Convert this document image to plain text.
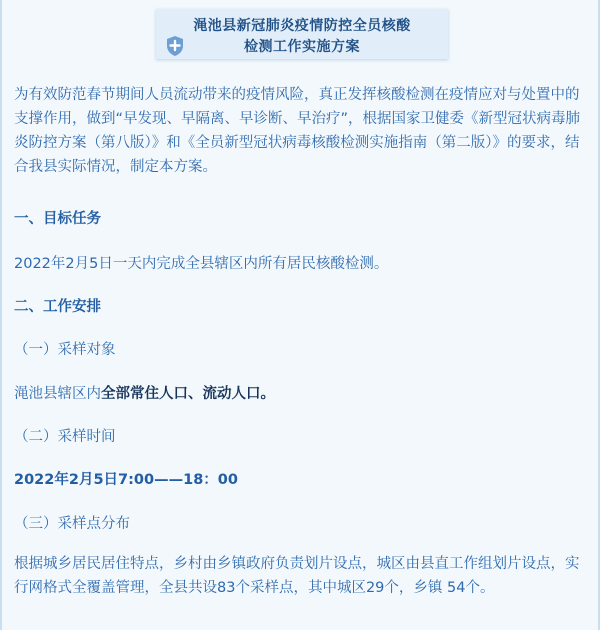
渑池县新冠肺炎疫情防控全员核酸
检测工作实施方案
为有效防范春节期间人员流动带来的疫情风险，真正发挥核酸检测在疫情应对与处置中的支撑作用，做到“早发现、早隔离、早诊断、早治疗”，根据国家卫健委《新型冠状病毒肺炎防控方案（第八版）》和《全员新型冠状病毒核酸检测实施指南（第二版）》的要求，结合我县实际情况，制定本方案。
一、目标任务
2022年2月5日一天内完成全县辖区内所有居民核酸检测。
二、工作安排
（一）采样对象
渑池县辖区内全部常住人口、流动人口。
（二）采样时间
2022年2月5日7:00——18：00
（三）采样点分布
根据城乡居民居住特点，乡村由乡镇政府负责划片设点，城区由县直工作组划片设点，实行网格式全覆盖管理，全县共设83个采样点，其中城区29个，乡镇 54个。
